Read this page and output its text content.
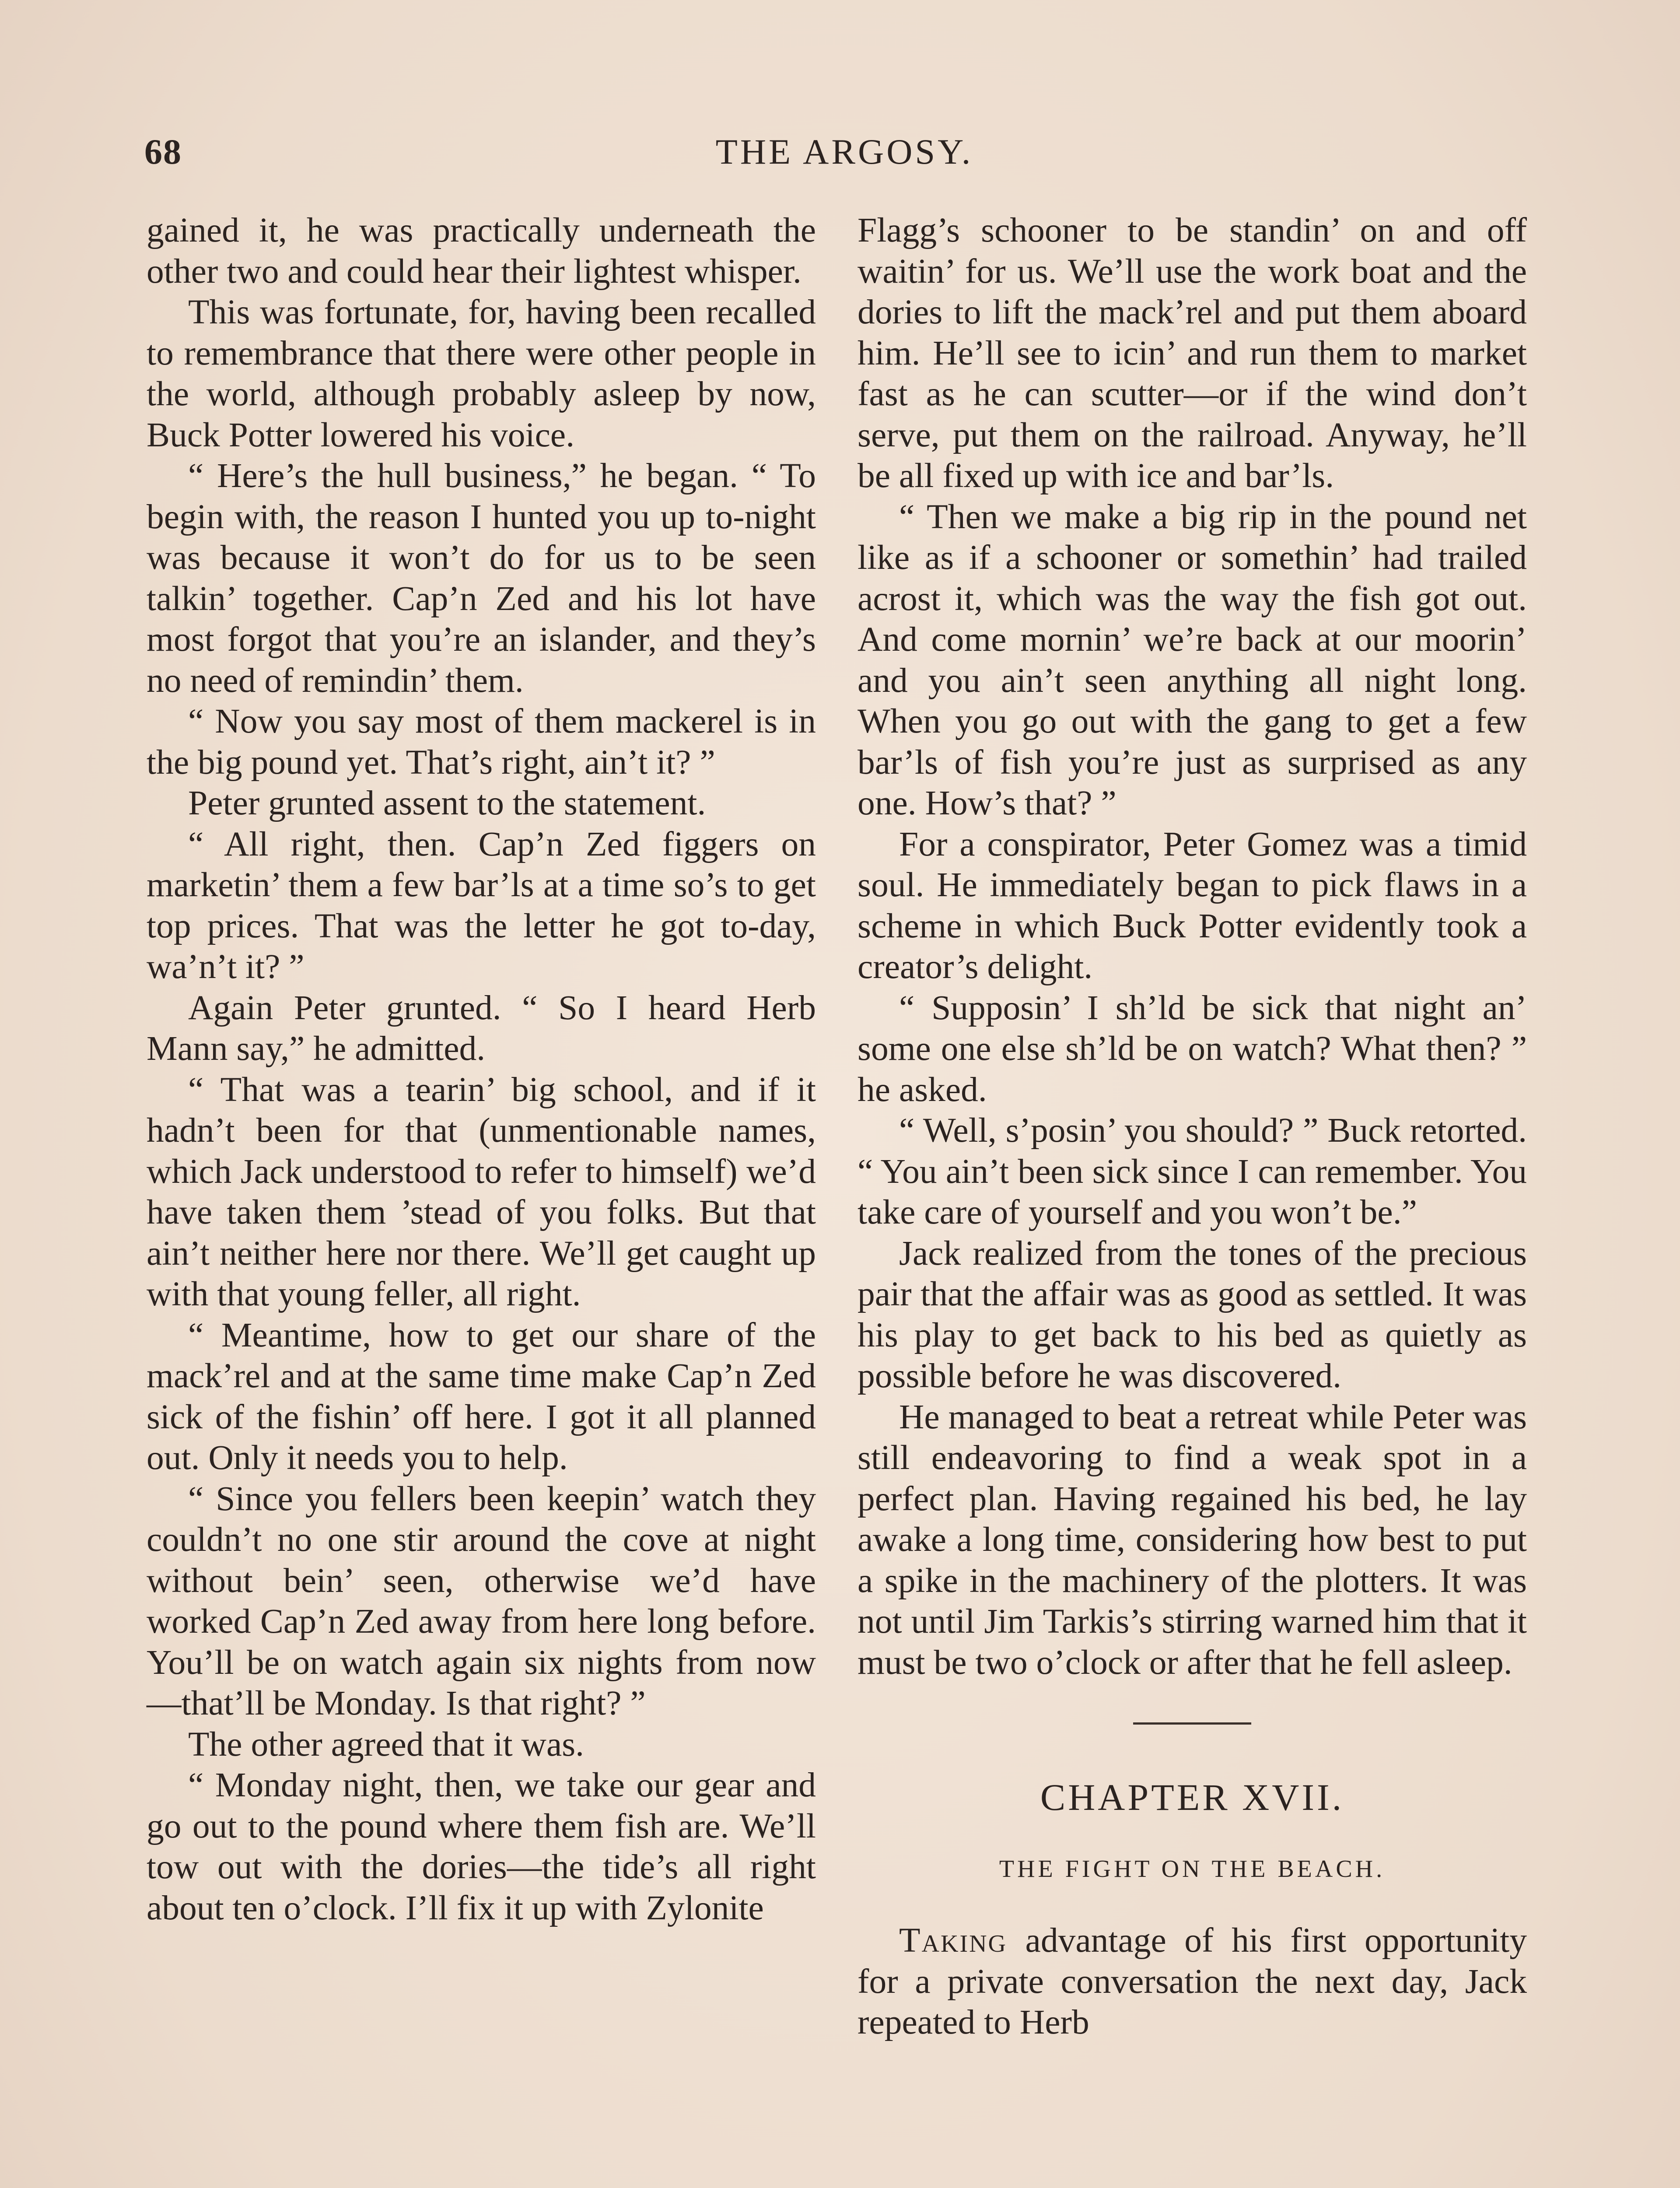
68	THE ARGOSY.

gained it, he was practically underneath the other two and could hear their lightest whisper.

This was fortunate, for, having been recalled to remembrance that there were other people in the world, although probably asleep by now, Buck Potter lowered his voice.

“ Here’s the hull business,” he began. “ To begin with, the reason I hunted you up to-night was because it won’t do for us to be seen talkin’ together. Cap’n Zed and his lot have most forgot that you’re an islander, and they’s no need of remindin’ them.

“ Now you say most of them mackerel is in the big pound yet. That’s right, ain’t it? ”

Peter grunted assent to the statement.

“ All right, then. Cap’n Zed figgers on marketin’ them a few bar’ls at a time so’s to get top prices. That was the letter he got to-day, wa’n’t it? ”

Again Peter grunted. “ So I heard Herb Mann say,” he admitted.

“ That was a tearin’ big school, and if it hadn’t been for that (unmentionable names, which Jack understood to refer to himself) we’d have taken them ’stead of you folks. But that ain’t neither here nor there. We’ll get caught up with that young feller, all right.

“ Meantime, how to get our share of the mack’rel and at the same time make Cap’n Zed sick of the fishin’ off here. I got it all planned out. Only it needs you to help.

“ Since you fellers been keepin’ watch they couldn’t no one stir around the cove at night without bein’ seen, otherwise we’d have worked Cap’n Zed away from here long before. You’ll be on watch again six nights from now—that’ll be Monday. Is that right? ”

The other agreed that it was.

“ Monday night, then, we take our gear and go out to the pound where them fish are. We’ll tow out with the dories—the tide’s all right about ten o’clock. I’ll fix it up with Zylonite

Flagg’s schooner to be standin’ on and off waitin’ for us. We’ll use the work boat and the dories to lift the mack’rel and put them aboard him. He’ll see to icin’ and run them to market fast as he can scutter—or if the wind don’t serve, put them on the railroad. Anyway, he’ll be all fixed up with ice and bar’ls.

“ Then we make a big rip in the pound net like as if a schooner or somethin’ had trailed acrost it, which was the way the fish got out. And come mornin’ we’re back at our moorin’ and you ain’t seen anything all night long. When you go out with the gang to get a few bar’ls of fish you’re just as surprised as any one. How’s that? ”

For a conspirator, Peter Gomez was a timid soul. He immediately began to pick flaws in a scheme in which Buck Potter evidently took a creator’s delight.

“ Supposin’ I sh’ld be sick that night an’ some one else sh’ld be on watch? What then? ” he asked.

“ Well, s’posin’ you should? ” Buck retorted. “ You ain’t been sick since I can remember. You take care of yourself and you won’t be.”

Jack realized from the tones of the precious pair that the affair was as good as settled. It was his play to get back to his bed as quietly as possible before he was discovered.

He managed to beat a retreat while Peter was still endeavoring to find a weak spot in a perfect plan. Having regained his bed, he lay awake a long time, considering how best to put a spike in the machinery of the plotters. It was not until Jim Tarkis’s stirring warned him that it must be two o’clock or after that he fell asleep.

CHAPTER XVII.
THE FIGHT ON THE BEACH.

Taking advantage of his first opportunity for a private conversation the next day, Jack repeated to Herb
